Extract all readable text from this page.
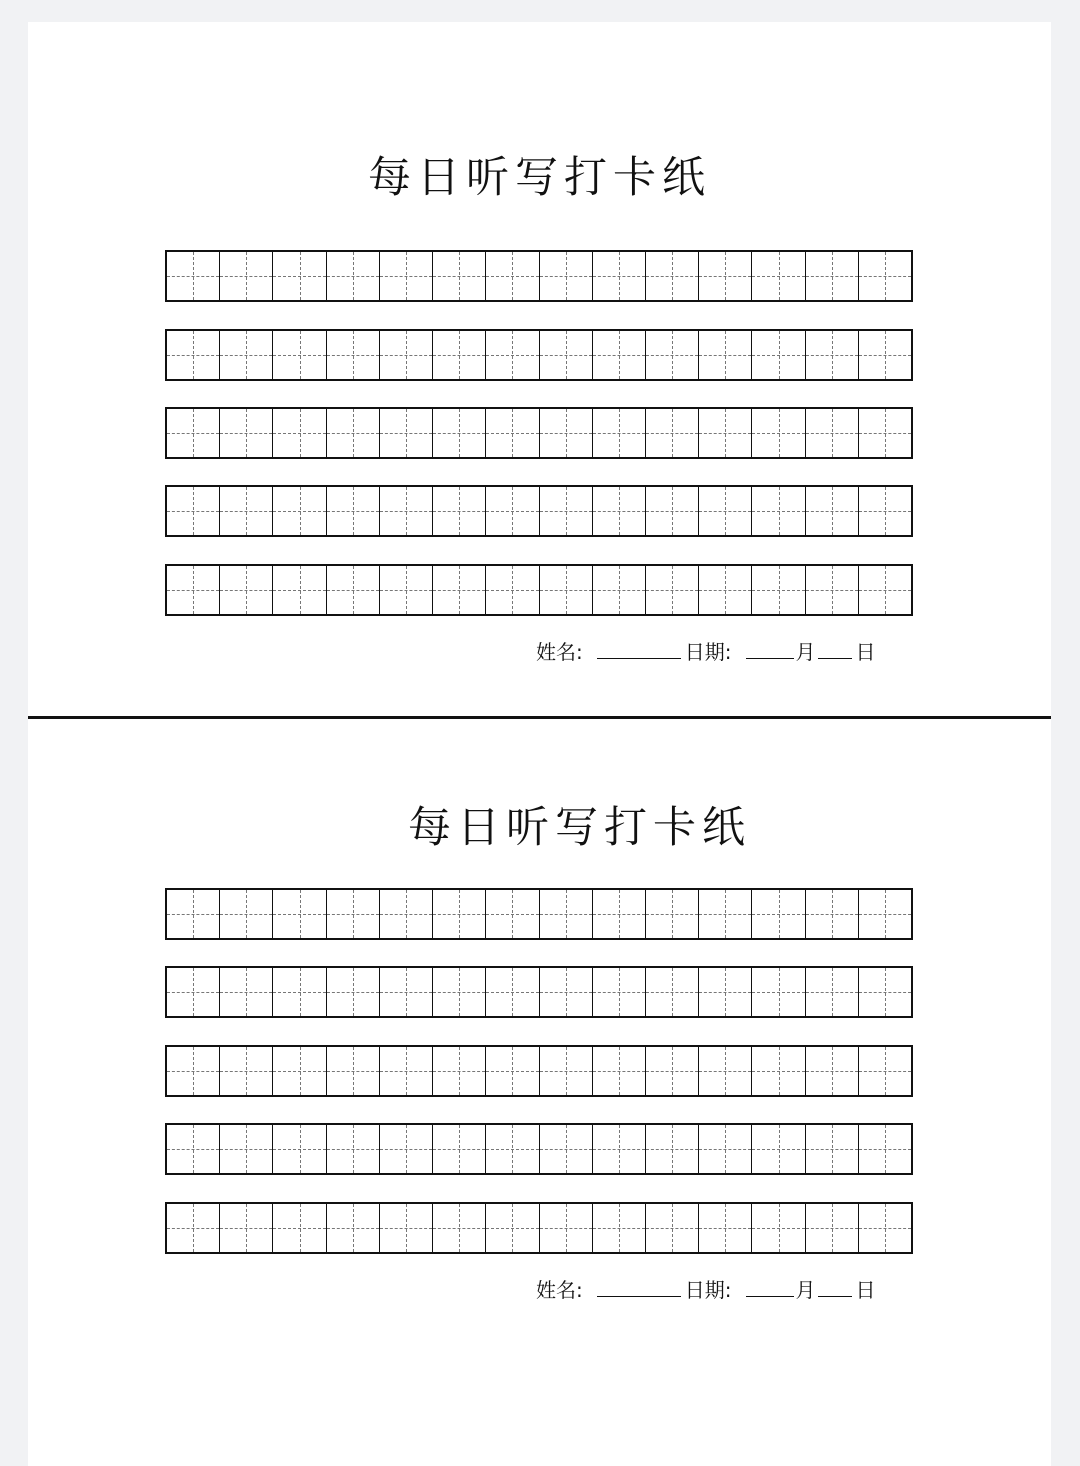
每日听写打卡纸
姓名:	日期:	月 日
每日听写打卡纸
姓名:	日期:	月 日
